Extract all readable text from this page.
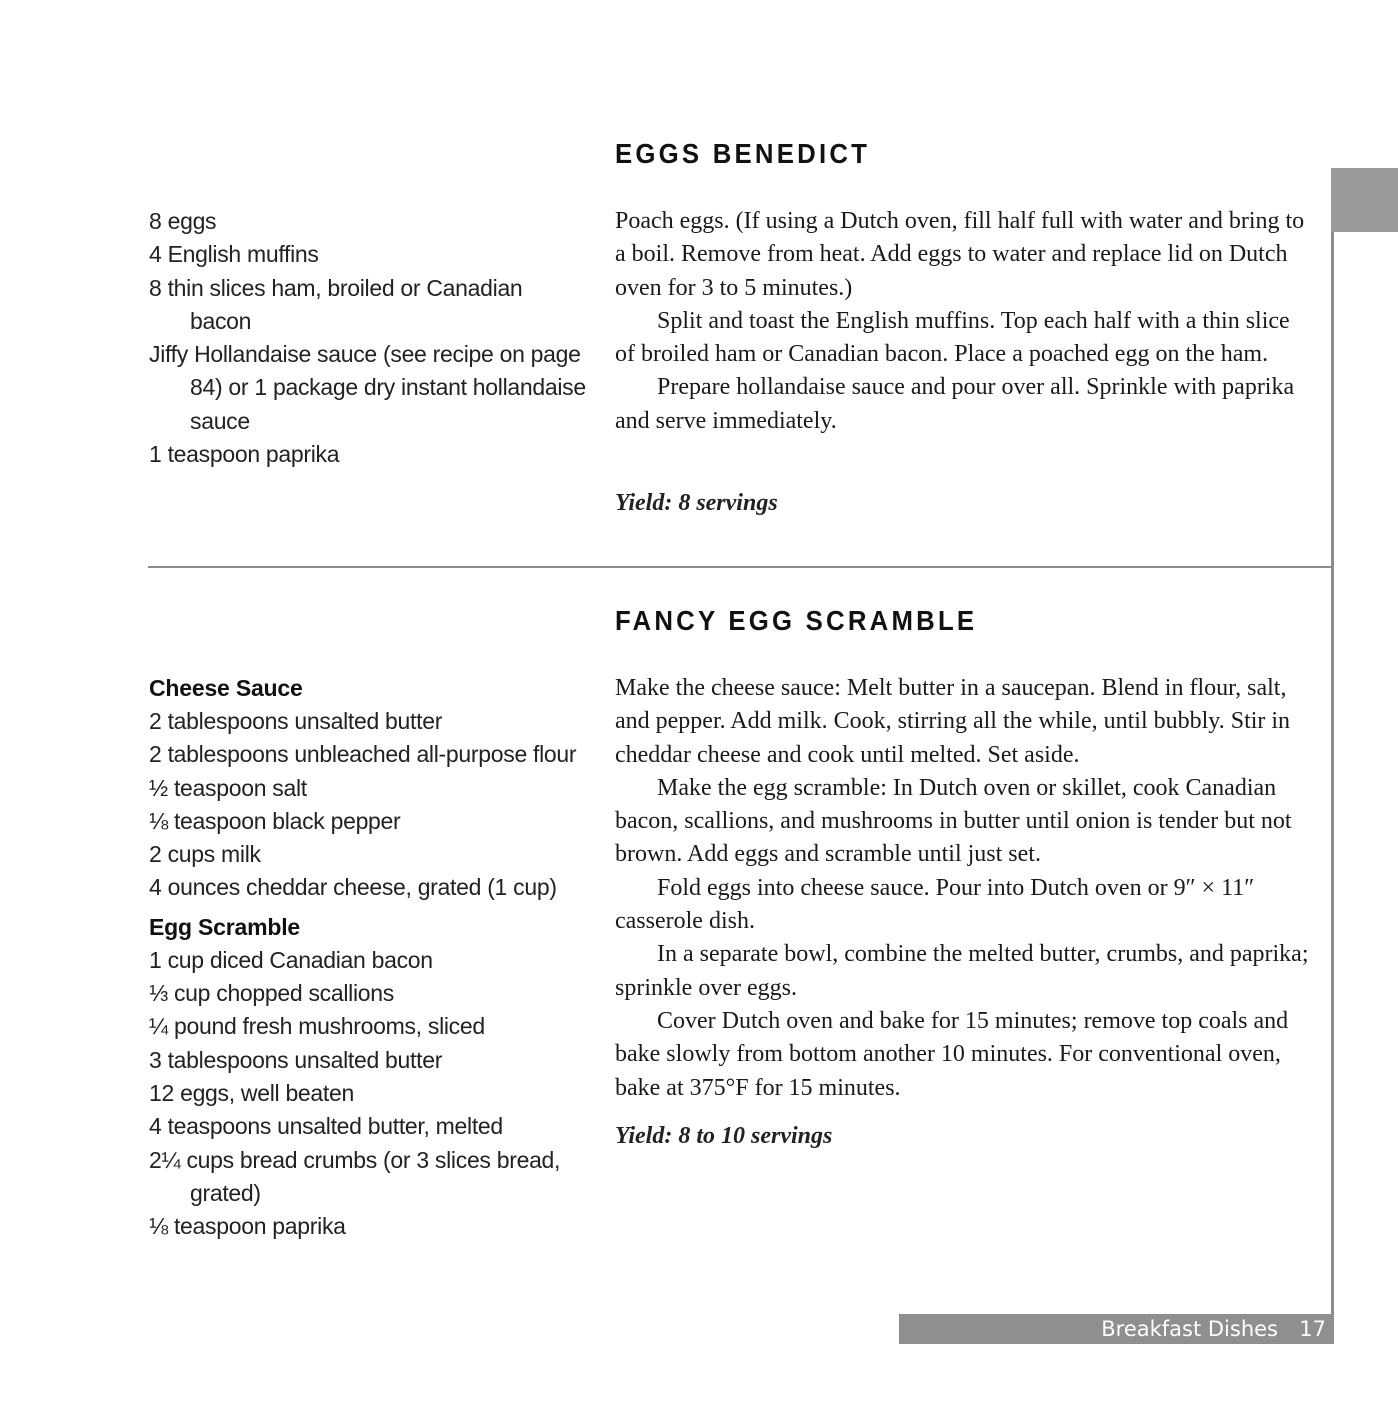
EGGS BENEDICT
8 eggs
4 English muffins
8 thin slices ham, broiled or Canadian bacon
Jiffy Hollandaise sauce (see recipe on page 84) or 1 package dry instant hollandaise sauce
1 teaspoon paprika

Poach eggs. (If using a Dutch oven, fill half full with water and bring to a boil. Remove from heat. Add eggs to water and replace lid on Dutch oven for 3 to 5 minutes.)

Split and toast the English muffins. Top each half with a thin slice of broiled ham or Canadian bacon. Place a poached egg on the ham.

Prepare hollandaise sauce and pour over all. Sprinkle with paprika and serve immediately.

Yield: 8 servings

FANCY EGG SCRAMBLE

Cheese Sauce

2 tablespoons unsalted butter
2 tablespoons unbleached all-purpose flour
½ teaspoon salt
⅛ teaspoon black pepper
2 cups milk
4 ounces cheddar cheese, grated (1 cup)

Egg Scramble

1 cup diced Canadian bacon
⅓ cup chopped scallions
¼ pound fresh mushrooms, sliced
3 tablespoons unsalted butter
12 eggs, well beaten
4 teaspoons unsalted butter, melted
2¼ cups bread crumbs (or 3 slices bread, grated)
⅛ teaspoon paprika

Make the cheese sauce: Melt butter in a saucepan. Blend in flour, salt, and pepper. Add milk. Cook, stirring all the while, until bubbly. Stir in cheddar cheese and cook until melted. Set aside.

Make the egg scramble: In Dutch oven or skillet, cook Canadian bacon, scallions, and mushrooms in butter until onion is tender but not brown. Add eggs and scramble until just set.

Fold eggs into cheese sauce. Pour into Dutch oven or 9″ × 11″ casserole dish.

In a separate bowl, combine the melted butter, crumbs, and paprika; sprinkle over eggs.

Cover Dutch oven and bake for 15 minutes; remove top coals and bake slowly from bottom another 10 minutes. For conventional oven, bake at 375°F for 15 minutes.

Yield: 8 to 10 servings

Breakfast Dishes 17
